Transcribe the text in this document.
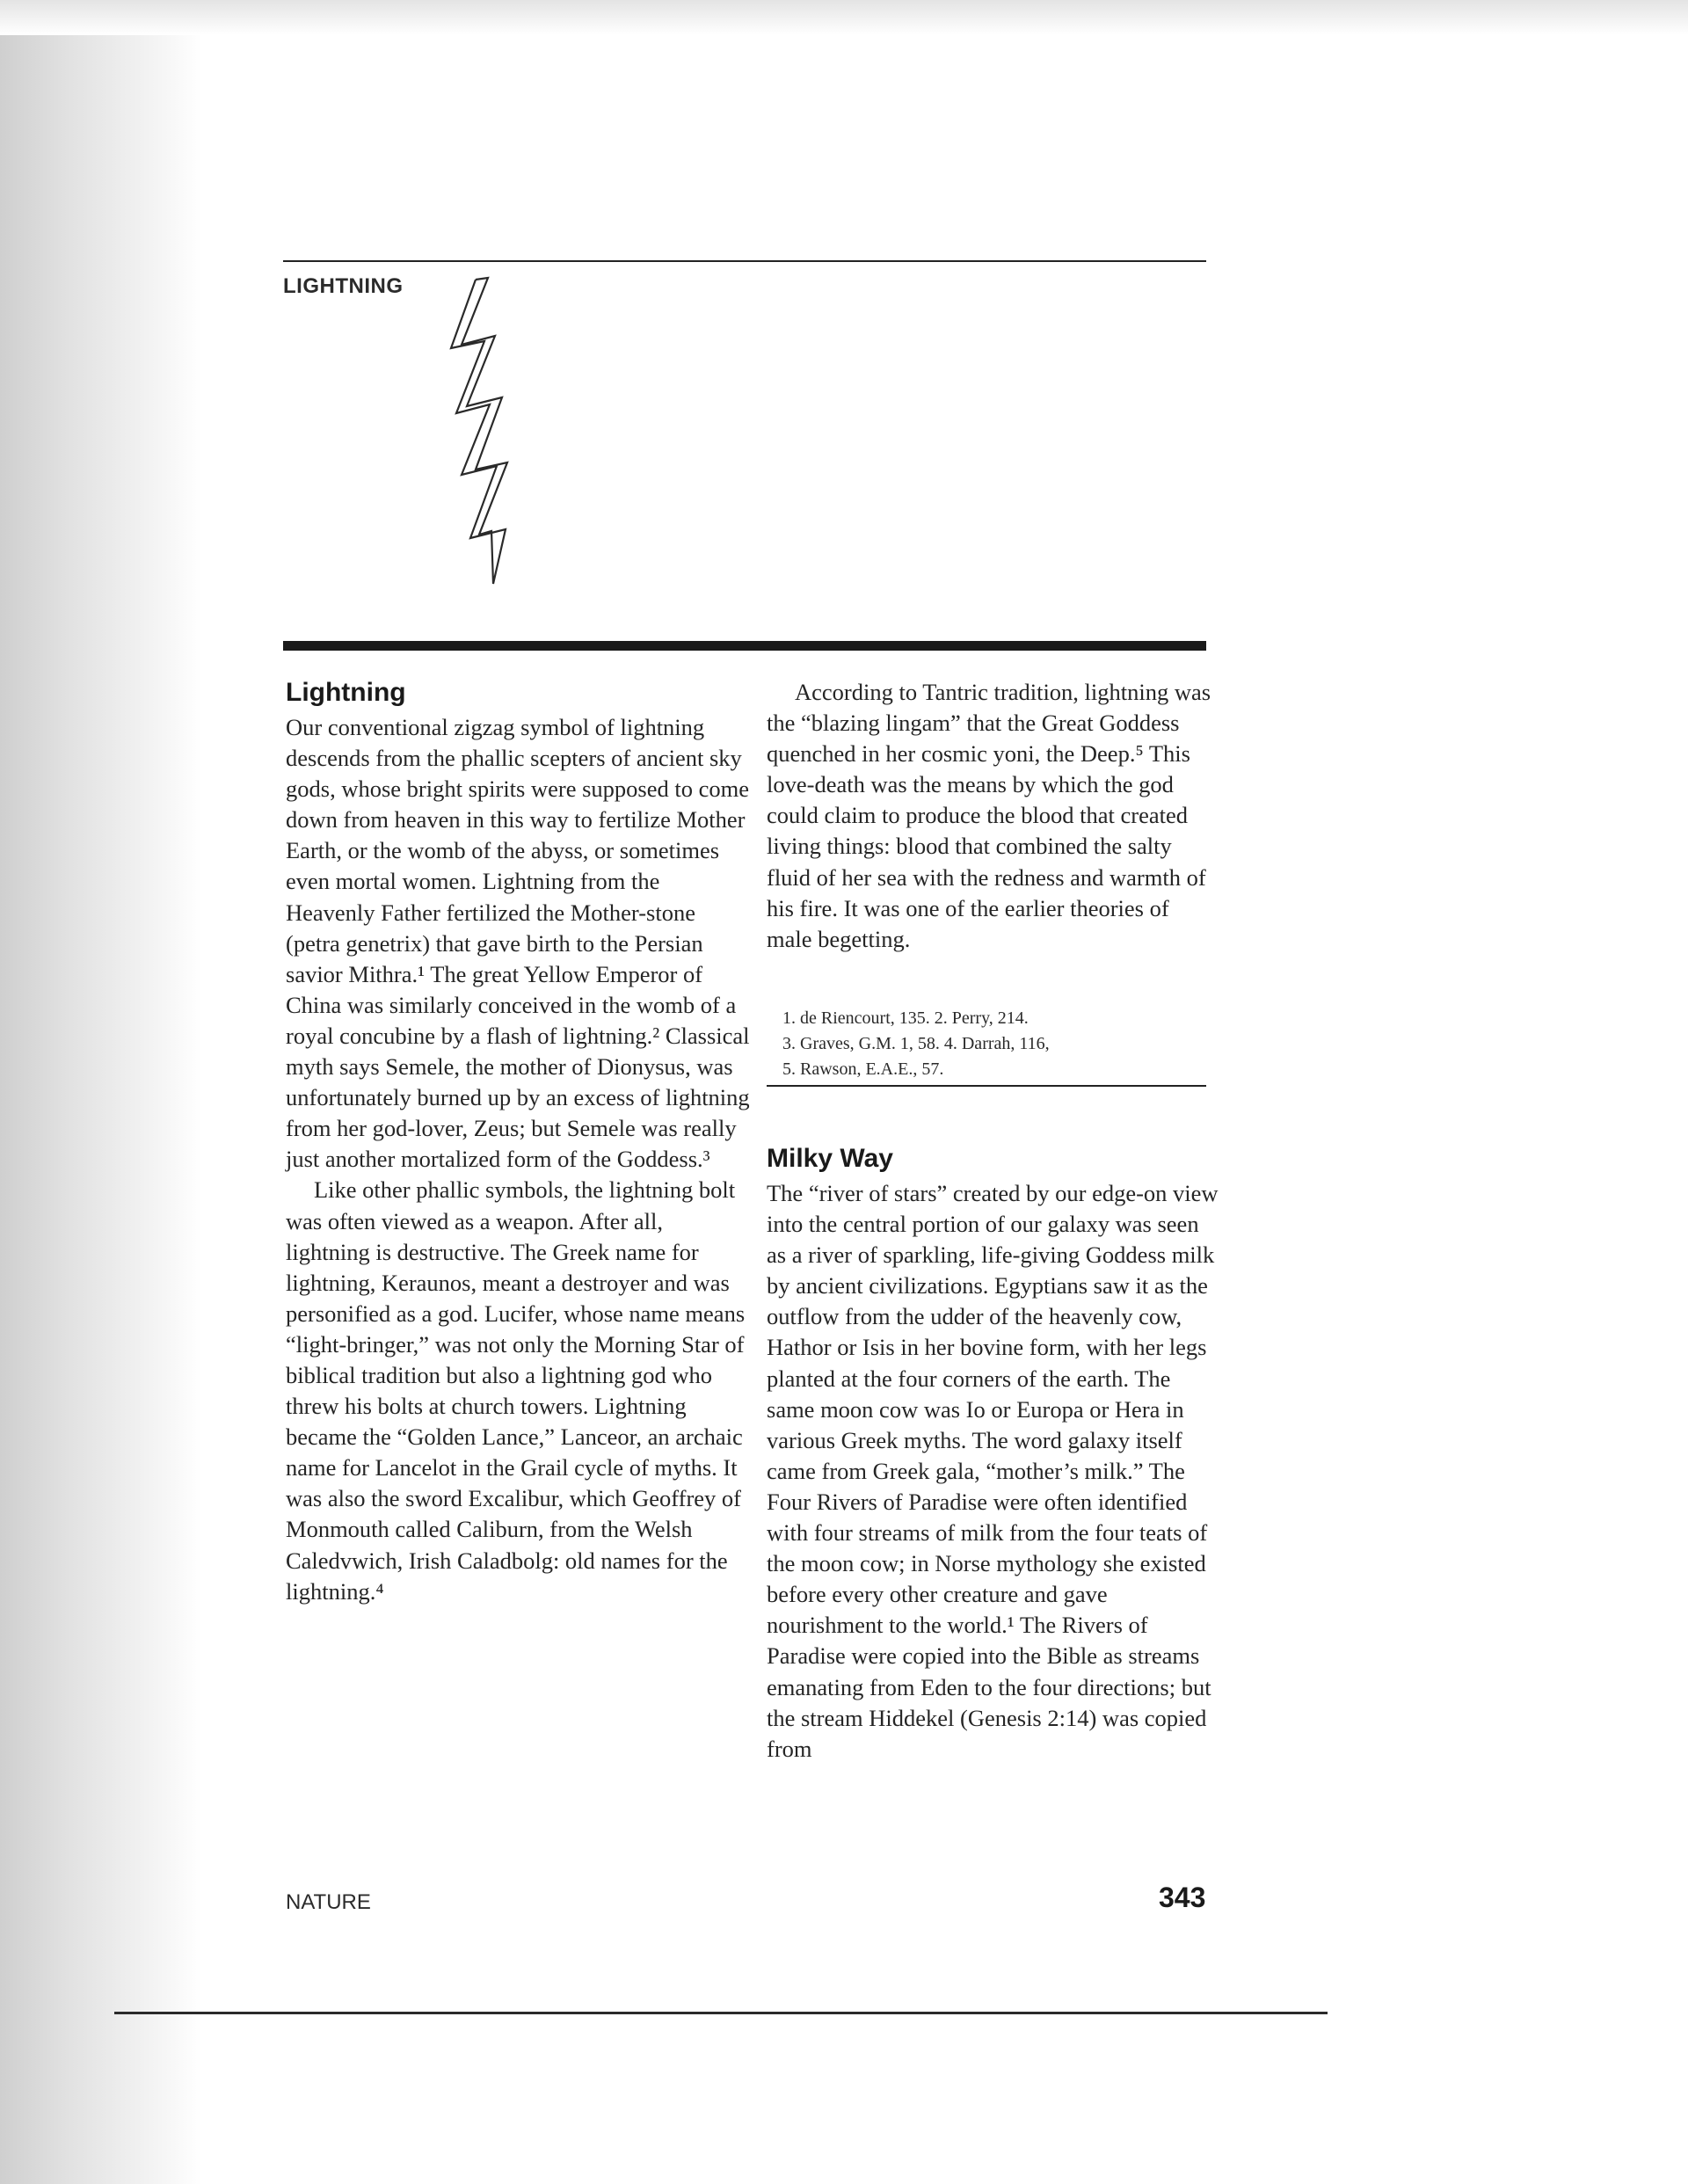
LIGHTNING
Lightning

Our conventional zigzag symbol of lightning descends from the phallic scepters of ancient sky gods, whose bright spirits were supposed to come down from heaven in this way to fertilize Mother Earth, or the womb of the abyss, or sometimes even mortal women. Lightning from the Heavenly Father fertilized the Mother-stone (petra genetrix) that gave birth to the Persian savior Mithra.¹ The great Yellow Emperor of China was similarly conceived in the womb of a royal concubine by a flash of lightning.² Classical myth says Semele, the mother of Dionysus, was unfortunately burned up by an excess of lightning from her god-lover, Zeus; but Semele was really just another mortalized form of the Goddess.³

Like other phallic symbols, the lightning bolt was often viewed as a weapon. After all, lightning is destructive. The Greek name for lightning, Keraunos, meant a destroyer and was personified as a god. Lucifer, whose name means “light-bringer,” was not only the Morning Star of biblical tradition but also a lightning god who threw his bolts at church towers. Lightning became the “Golden Lance,” Lanceor, an archaic name for Lancelot in the Grail cycle of myths. It was also the sword Excalibur, which Geoffrey of Monmouth called Caliburn, from the Welsh Caledvwich, Irish Caladbolg: old names for the lightning.⁴

According to Tantric tradition, lightning was the “blazing lingam” that the Great Goddess quenched in her cosmic yoni, the Deep.⁵ This love-death was the means by which the god could claim to produce the blood that created living things: blood that combined the salty fluid of her sea with the redness and warmth of his fire. It was one of the earlier theories of male begetting.

1. de Riencourt, 135. 2. Perry, 214.
3. Graves, G.M. 1, 58. 4. Darrah, 116,
5. Rawson, E.A.E., 57.
Milky Way

The “river of stars” created by our edge-on view into the central portion of our galaxy was seen as a river of sparkling, life-giving Goddess milk by ancient civilizations. Egyptians saw it as the outflow from the udder of the heavenly cow, Hathor or Isis in her bovine form, with her legs planted at the four corners of the earth. The same moon cow was Io or Europa or Hera in various Greek myths. The word galaxy itself came from Greek gala, “mother’s milk.” The Four Rivers of Paradise were often identified with four streams of milk from the four teats of the moon cow; in Norse mythology she existed before every other creature and gave nourishment to the world.¹ The Rivers of Paradise were copied into the Bible as streams emanating from Eden to the four directions; but the stream Hiddekel (Genesis 2:14) was copied from

NATURE	343
